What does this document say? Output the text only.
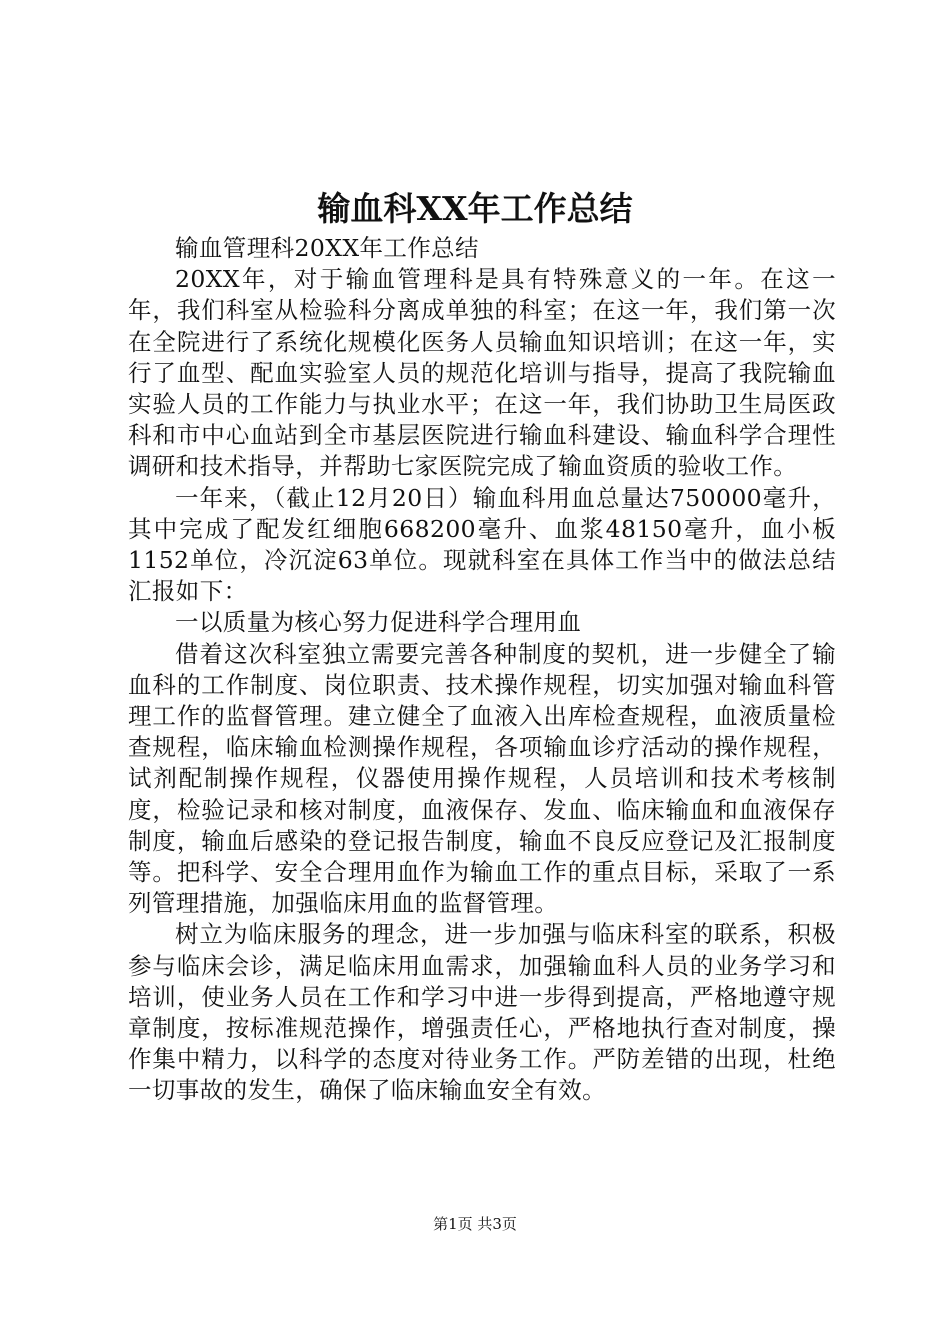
输血科XX年工作总结

输血管理科20XX年工作总结

20XX年，对于输血管理科是具有特殊意义的一年。在这一年，我们科室从检验科分离成单独的科室；在这一年，我们第一次在全院进行了系统化规模化医务人员输血知识培训；在这一年，实行了血型、配血实验室人员的规范化培训与指导，提高了我院输血实验人员的工作能力与执业水平；在这一年，我们协助卫生局医政科和市中心血站到全市基层医院进行输血科建设、输血科学合理性调研和技术指导，并帮助七家医院完成了输血资质的验收工作。

一年来，（截止12月20日）输血科用血总量达750000毫升，其中完成了配发红细胞668200毫升、血浆48150毫升，血小板1152单位，冷沉淀63单位。现就科室在具体工作当中的做法总结汇报如下：

一以质量为核心努力促进科学合理用血

借着这次科室独立需要完善各种制度的契机，进一步健全了输血科的工作制度、岗位职责、技术操作规程，切实加强对输血科管理工作的监督管理。建立健全了血液入出库检查规程，血液质量检查规程，临床输血检测操作规程，各项输血诊疗活动的操作规程，试剂配制操作规程，仪器使用操作规程，人员培训和技术考核制度，检验记录和核对制度，血液保存、发血、临床输血和血液保存制度，输血后感染的登记报告制度，输血不良反应登记及汇报制度等。把科学、安全合理用血作为输血工作的重点目标，采取了一系列管理措施，加强临床用血的监督管理。

树立为临床服务的理念，进一步加强与临床科室的联系，积极参与临床会诊，满足临床用血需求，加强输血科人员的业务学习和培训，使业务人员在工作和学习中进一步得到提高，严格地遵守规章制度，按标准规范操作，增强责任心，严格地执行查对制度，操作集中精力，以科学的态度对待业务工作。严防差错的出现，杜绝一切事故的发生，确保了临床输血安全有效。

第1页 共3页
